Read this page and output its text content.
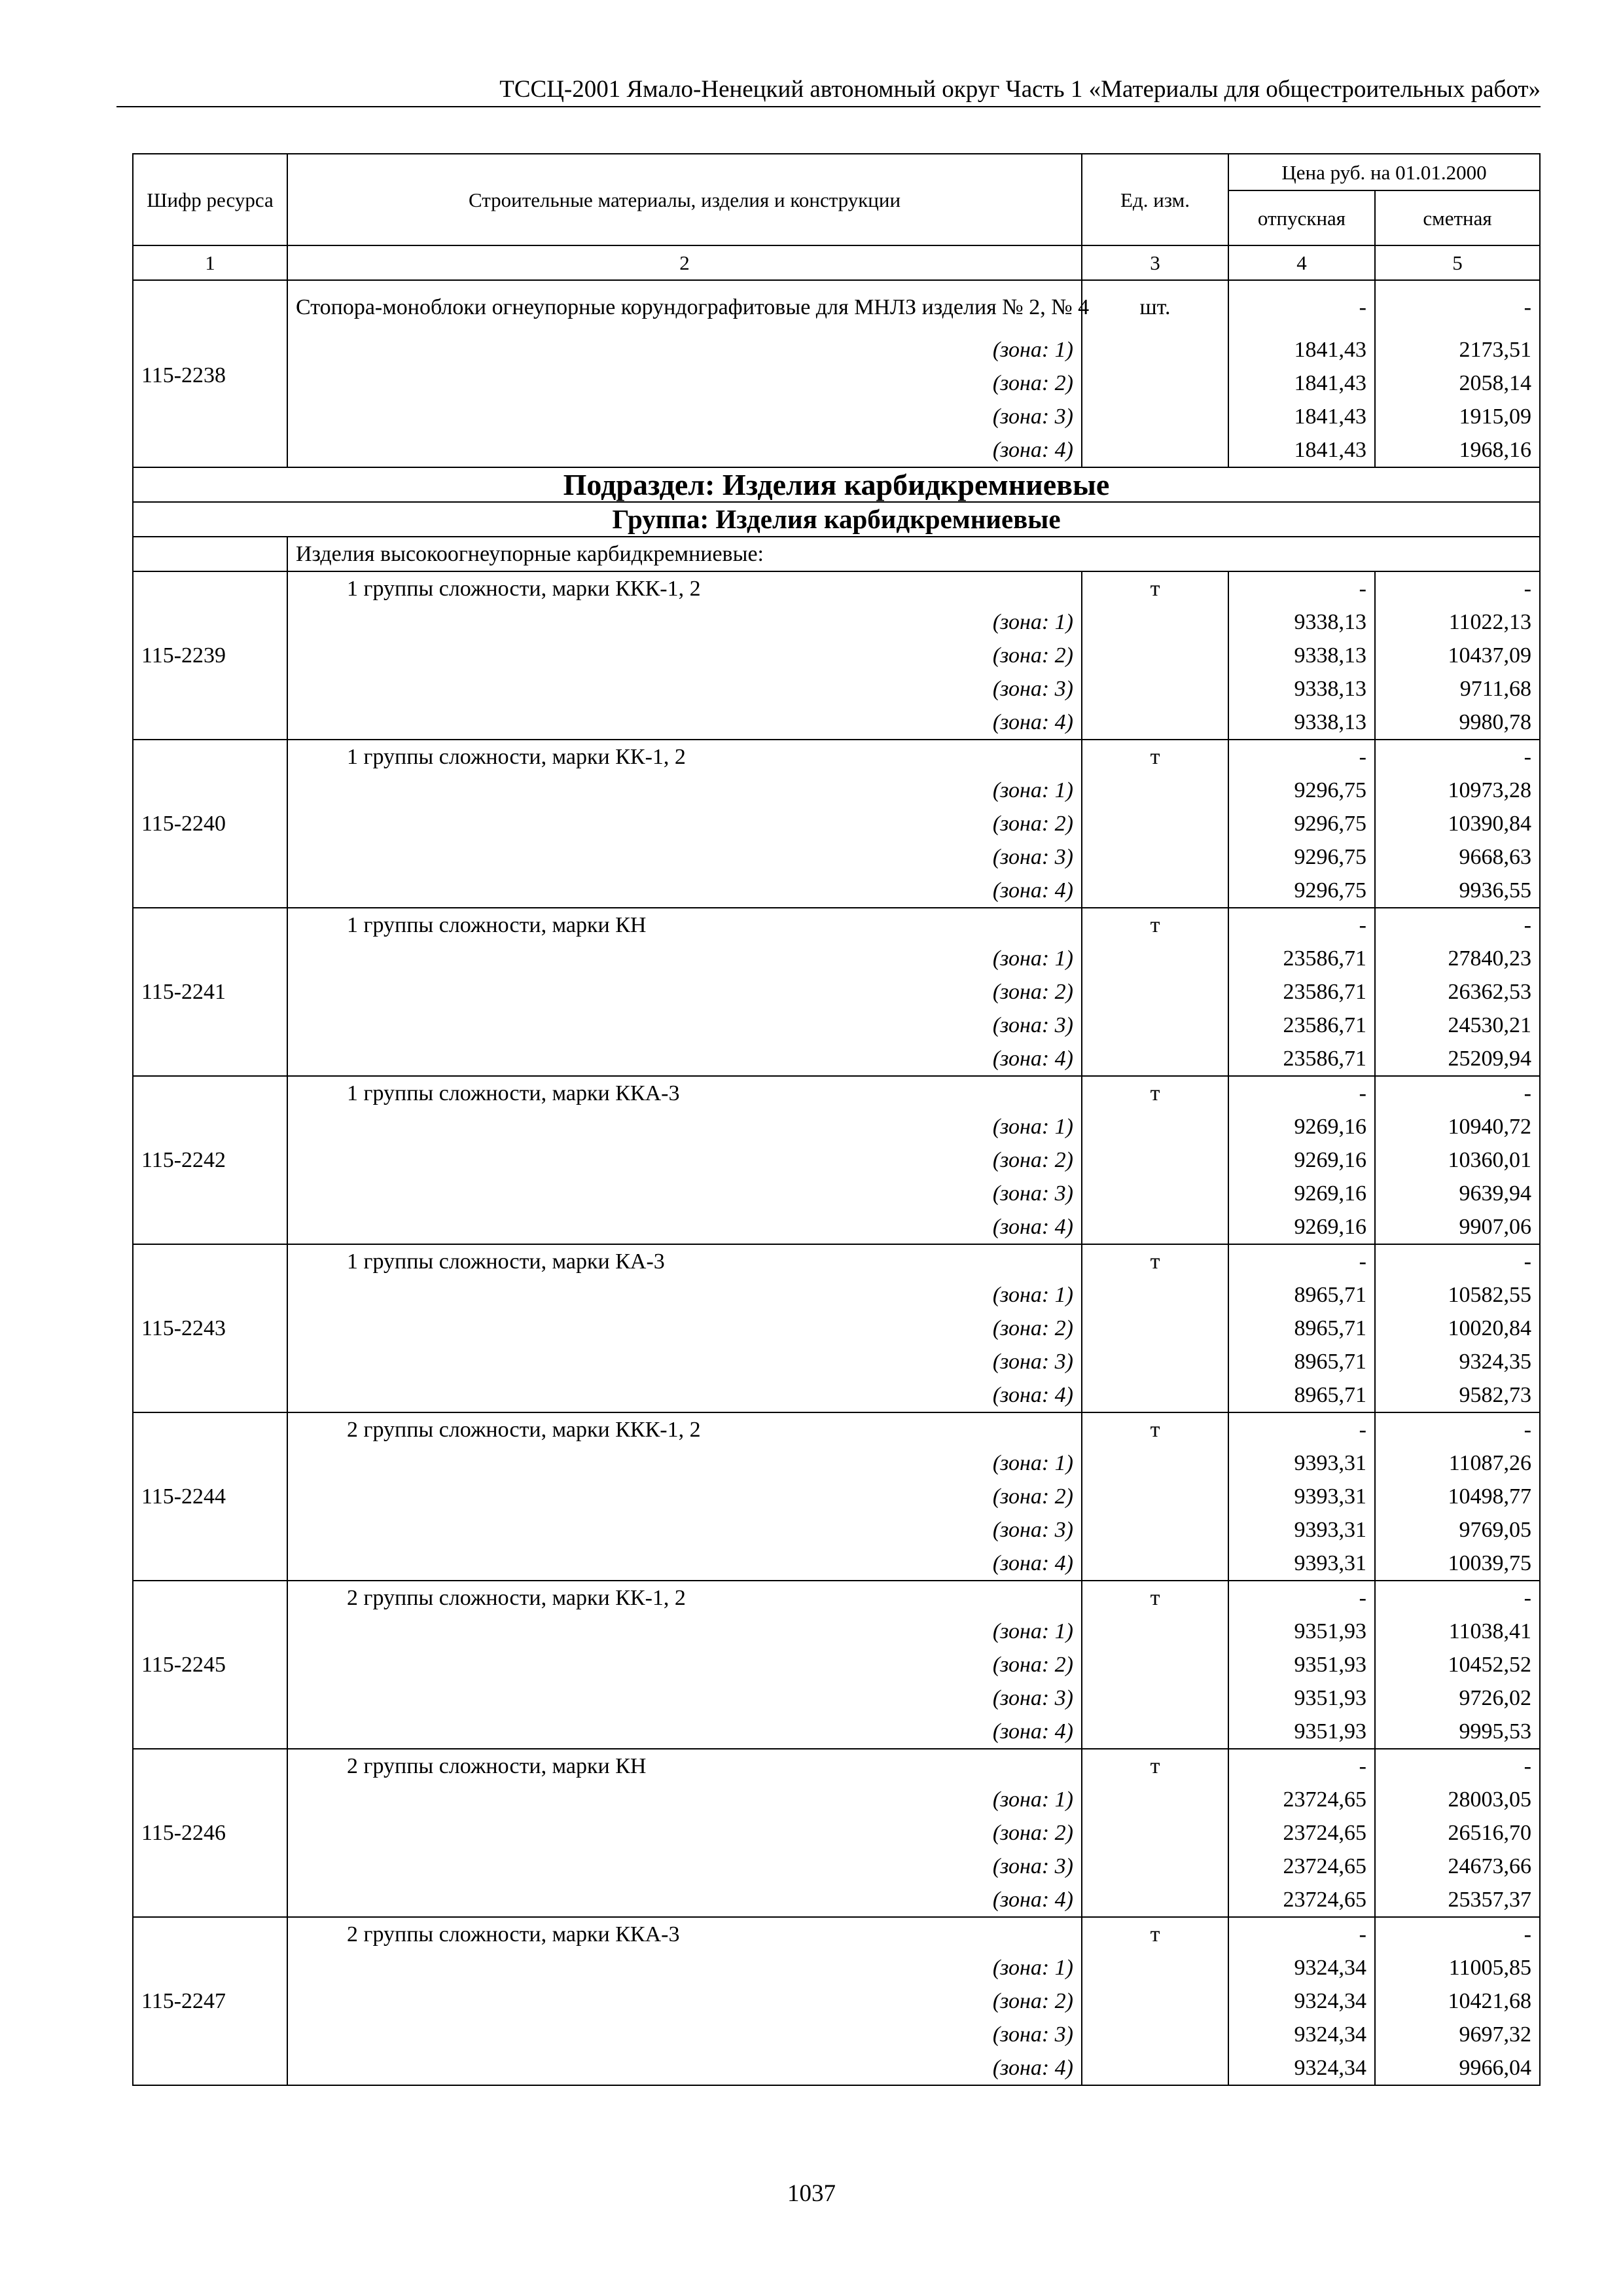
ТССЦ-2001 Ямало-Ненецкий автономный округ Часть 1 «Материалы для общестроительных работ»
Шифр ресурса	Строительные материалы, изделия и конструкции	Ед. изм.	Цена руб. на 01.01.2000	
			отпускная	сметная
1	2	3	4	5
115-2238	Стопора-моноблоки огнеупорные корундографитовые для МНЛЗ изделия № 2, № 4	шт.	-	-
	(зона: 1)		1841,43	2173,51
	(зона: 2)		1841,43	2058,14
	(зона: 3)		1841,43	1915,09
	(зона: 4)		1841,43	1968,16
Подраздел: Изделия карбидкремниевые				
Группа: Изделия карбидкремниевые				
	Изделия высокоогнеупорные карбидкремниевые:			
115-2239	1 группы сложности, марки ККК-1, 2	т	-	-
	(зона: 1)		9338,13	11022,13
	(зона: 2)		9338,13	10437,09
	(зона: 3)		9338,13	9711,68
	(зона: 4)		9338,13	9980,78
115-2240	1 группы сложности, марки КК-1, 2	т	-	-
	(зона: 1)		9296,75	10973,28
	(зона: 2)		9296,75	10390,84
	(зона: 3)		9296,75	9668,63
	(зона: 4)		9296,75	9936,55
115-2241	1 группы сложности, марки КН	т	-	-
	(зона: 1)		23586,71	27840,23
	(зона: 2)		23586,71	26362,53
	(зона: 3)		23586,71	24530,21
	(зона: 4)		23586,71	25209,94
115-2242	1 группы сложности, марки ККА-3	т	-	-
	(зона: 1)		9269,16	10940,72
	(зона: 2)		9269,16	10360,01
	(зона: 3)		9269,16	9639,94
	(зона: 4)		9269,16	9907,06
115-2243	1 группы сложности, марки КА-3	т	-	-
	(зона: 1)		8965,71	10582,55
	(зона: 2)		8965,71	10020,84
	(зона: 3)		8965,71	9324,35
	(зона: 4)		8965,71	9582,73
115-2244	2 группы сложности, марки ККК-1, 2	т	-	-
	(зона: 1)		9393,31	11087,26
	(зона: 2)		9393,31	10498,77
	(зона: 3)		9393,31	9769,05
	(зона: 4)		9393,31	10039,75
115-2245	2 группы сложности, марки КК-1, 2	т	-	-
	(зона: 1)		9351,93	11038,41
	(зона: 2)		9351,93	10452,52
	(зона: 3)		9351,93	9726,02
	(зона: 4)		9351,93	9995,53
115-2246	2 группы сложности, марки КН	т	-	-
	(зона: 1)		23724,65	28003,05
	(зона: 2)		23724,65	26516,70
	(зона: 3)		23724,65	24673,66
	(зона: 4)		23724,65	25357,37
115-2247	2 группы сложности, марки ККА-3	т	-	-
	(зона: 1)		9324,34	11005,85
	(зона: 2)		9324,34	10421,68
	(зона: 3)		9324,34	9697,32
	(зона: 4)		9324,34	9966,04
1037
